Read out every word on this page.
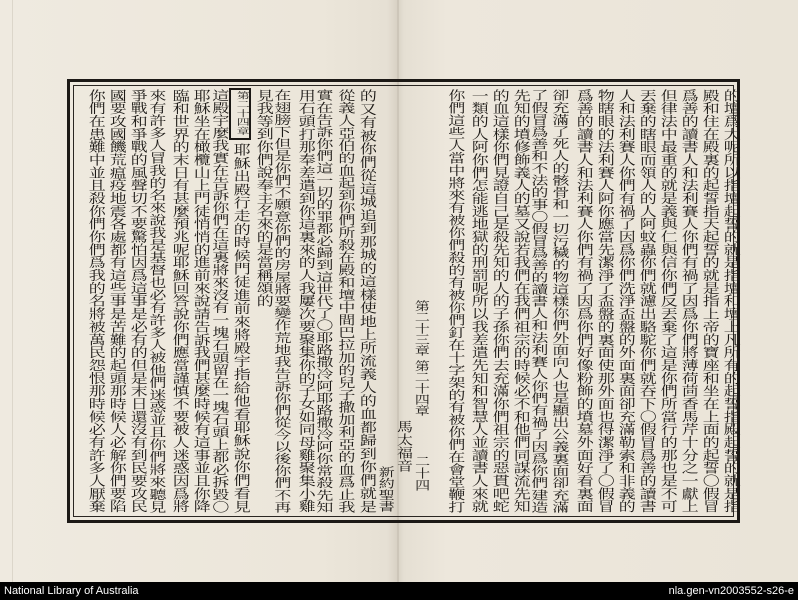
的壇爲大呢所以指壇起誓的就是指壇和壇上凡所有的起誓指殿起誓的就是指
殿和住在殿裏的起誓指天起誓的就是指上帝的寶座和坐在上面的起誓〇假冒
爲善的讀書人和法利賽人你們有禍了因爲你們將薄荷茴香馬芹十分之一獻上
但律法中最重的就是義與仁與信你們反丟棄了這是你們所當行的那也是不可
丟棄的瞎眼而領人的人阿蚊蟲你們就濾出駱駝你們就吞下〇假冒爲善的讀書
人和法利賽人你們有禍了因爲你們洗淨盃盤的外面裏面卻充滿勒索和非義的
物瞎眼的法利賽人阿你應當先潔淨了盃盤的裏面使那外面也得潔淨了〇假冒
爲善的讀書人和法利賽人你們有禍了因爲你們好像粉飾的墳墓外面好看裏面
卻充滿了死人的骸骨和一切污穢的物這樣你們外面向人也是顯出公義裏面卻充滿
了假冒爲善和不法的事〇假冒爲善的讀書人和法利賽人你們有禍了因爲你們建造
先知的墳修飾義人的墓又說若我們在我們祖宗的時候必不和他們同謀流先知
的血這樣你們見證自己是殺先知的人的子孫你們去充滿你們祖宗的惡貫吧蛇
一類的人阿你們怎能逃地獄的刑罰呢所以我差遣先知和智慧人並讀書人來就
你們這些人當中將來有被你們殺的有被你們釘在十字架的有被你們在會堂鞭打
第二十三章
第二十四章
二十四
馬太福音
新約聖書
的又有被你們從這城追到那城的這樣使地上所流義人的血都歸到你們就是
從義人亞伯的血起到你們所殺在殿和壇中間巴拉加的兒子撒加利亞的血爲止我
實在告訴你們這一切的罪都必歸到這世代了〇耶路撒冷阿耶路撒冷阿你常殺先知
用石頭打那奉差遣到你這裏來的人我屢次要聚集你的子女如同母雞聚集小雞
在翅膀下但是你們不願意你們的房屋將要變作荒地我告訴你們從今以後你們不再
見我等到你們說奉主名來的是當稱頌的
第二十四章
耶穌出殿行走的時候門徒進前來將殿宇指給他看耶穌說你們看見
這殿宇麼我實在告訴你們在這裏將來沒有一塊石頭留在一塊石頭上都必拆毀〇
耶穌坐在橄欖山上門徒悄悄的進前來說請告訴我們甚麼時候有這事並且你降
臨和世界的末日有甚麼預兆呢耶穌回答說你們應當謹慎不要被人迷惑因爲將
來有許多人冒我的名來說我是基督也必有許多人被他們迷惑並且你們將來聽見
爭戰和爭戰的風聲切不要驚怕因爲這事是必有的但是末日還沒有到民要攻民
國要攻國饑荒瘟疫地震各處都有這些事是苦難的起頭那時候人必解你們要陷
你們在患難中並且殺你們你們爲我的名將被萬民怨恨那時候必有許多人厭棄
National Library of Australia	nla.gen-vn2003552-s26-e
